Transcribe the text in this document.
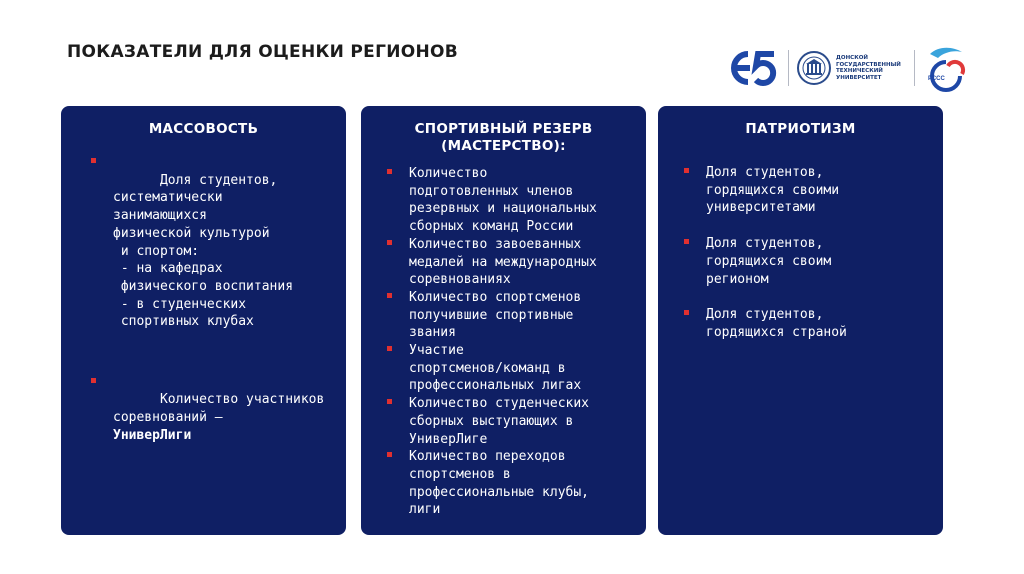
ПОКАЗАТЕЛИ ДЛЯ ОЦЕНКИ РЕГИОНОВ	ДОНСКОЙ ГОСУДАРСТВЕННЫЙ ТЕХНИЧЕСКИЙ УНИВЕРСИТЕТ	РСCС
МАССОВОСТЬ

Доля студентов,
систематически
занимающихся
физической культурой
и спортом:
- на кафедрах
физического воспитания
- в студенческих
спортивных клубах

Количество участников
соревнований –
УниверЛиги

СПОРТИВНЫЙ РЕЗЕРВ
(МАСТЕРСТВО):
Количество
подготовленных членов
резервных и национальных
сборных команд России
Количество завоеванных
медалей на международных
соревнованиях
Количество спортсменов
получившие спортивные
звания
Участие
спортсменов/команд в
профессиональных лигах
Количество студенческих
сборных выступающих в
УниверЛиге
Количество переходов
спортсменов в
профессиональные клубы,
лиги
ПАТРИОТИЗМ
Доля студентов,
гордящихся своими
университетами
Доля студентов,
гордящихся своим
регионом
Доля студентов,
гордящихся страной
